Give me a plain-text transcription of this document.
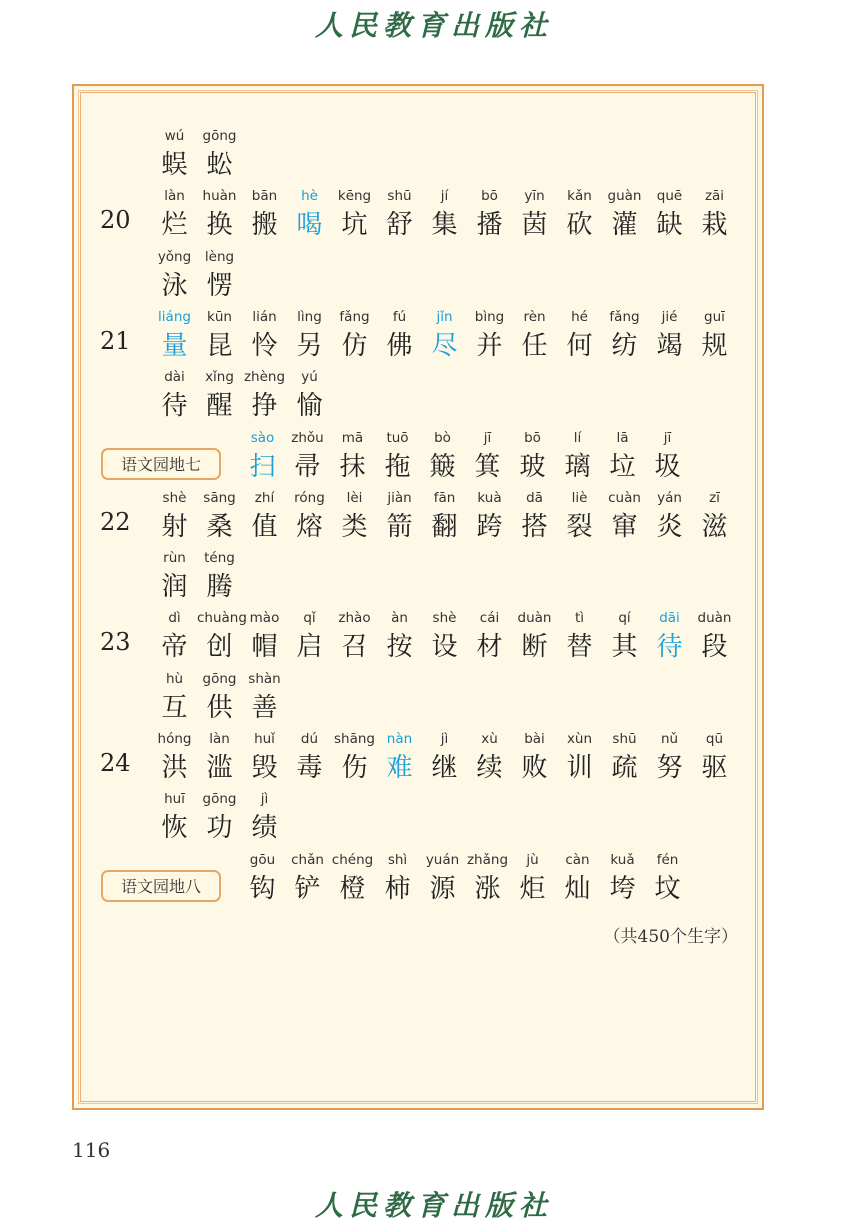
人民教育出版社
wú
蜈
gōng
蚣
20
làn
烂
huàn
换
bān
搬
hè
喝
kēng
坑
shū
舒
jí
集
bō
播
yīn
茵
kǎn
砍
guàn
灌
quē
缺
zāi
栽
yǒng
泳
lèng
愣
21
liáng
量
kūn
昆
lián
怜
lìng
另
fǎng
仿
fú
佛
jǐn
尽
bìng
并
rèn
任
hé
何
fǎng
纺
jié
竭
guī
规
dài
待
xǐng
醒
zhèng
挣
yú
愉
语文园地七
sào
扫
zhǒu
帚
mā
抹
tuō
拖
bò
簸
jī
箕
bō
玻
lí
璃
lā
垃
jī
圾
22
shè
射
sāng
桑
zhí
值
róng
熔
lèi
类
jiàn
箭
fān
翻
kuà
跨
dā
搭
liè
裂
cuàn
窜
yán
炎
zī
滋
rùn
润
téng
腾
23
dì
帝
chuàng
创
mào
帽
qǐ
启
zhào
召
àn
按
shè
设
cái
材
duàn
断
tì
替
qí
其
dāi
待
duàn
段
hù
互
gōng
供
shàn
善
24
hóng
洪
làn
滥
huǐ
毁
dú
毒
shāng
伤
nàn
难
jì
继
xù
续
bài
败
xùn
训
shū
疏
nǔ
努
qū
驱
huī
恢
gōng
功
jì
绩
语文园地八
gōu
钩
chǎn
铲
chéng
橙
shì
柿
yuán
源
zhǎng
涨
jù
炬
càn
灿
kuǎ
垮
fén
坟
（共450个生字）
116
人民教育出版社
